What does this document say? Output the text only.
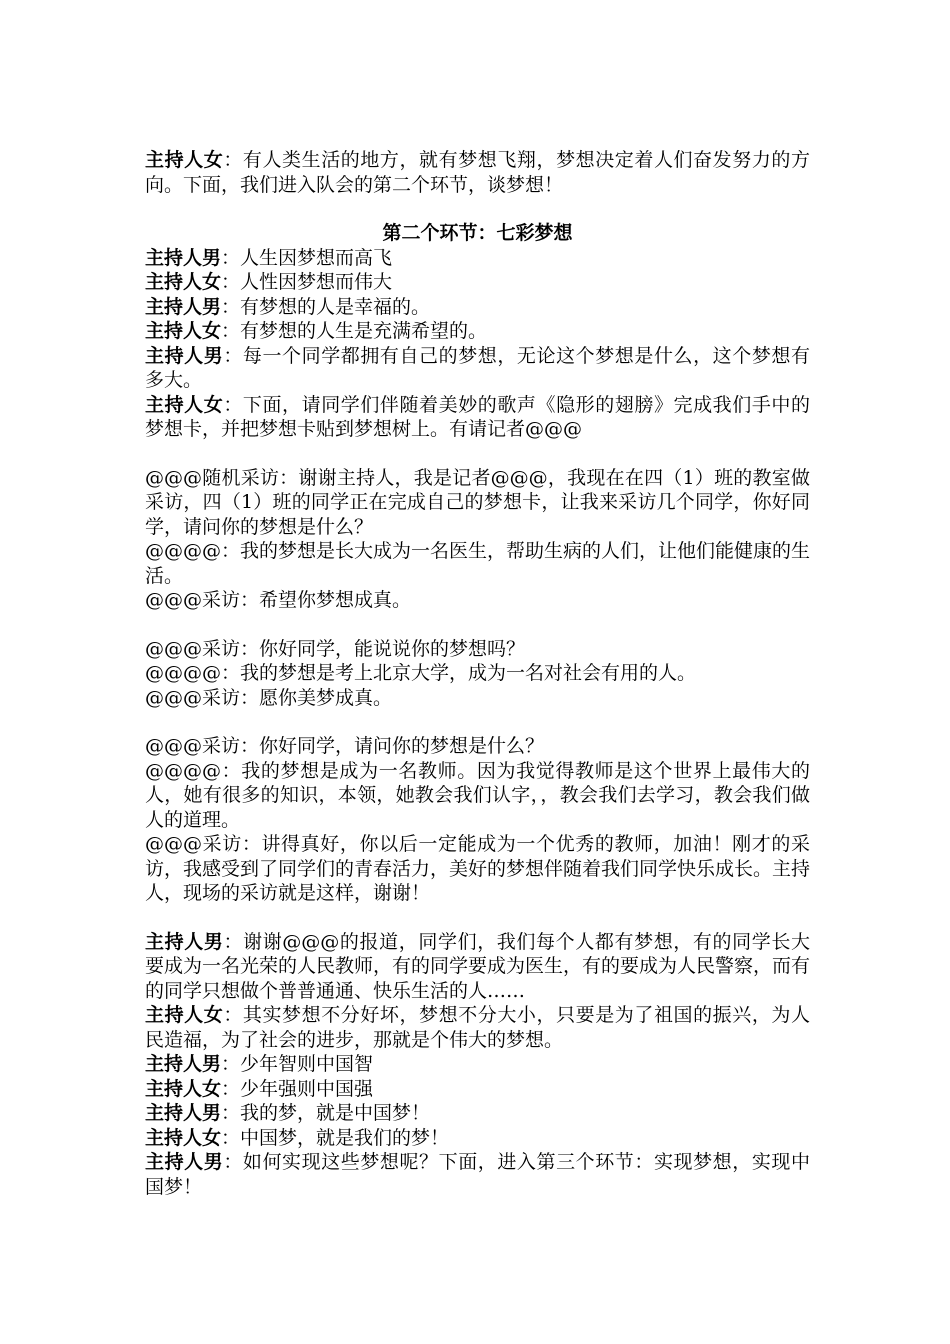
主持人女：有人类生活的地方，就有梦想飞翔，梦想决定着人们奋发努力的方向。下面，我们进入队会的第二个环节，谈梦想！

第二个环节：七彩梦想

主持人男：人生因梦想而高飞

主持人女：人性因梦想而伟大

主持人男：有梦想的人是幸福的。

主持人女：有梦想的人生是充满希望的。

主持人男：每一个同学都拥有自己的梦想，无论这个梦想是什么，这个梦想有多大。

主持人女：下面，请同学们伴随着美妙的歌声《隐形的翅膀》完成我们手中的梦想卡，并把梦想卡贴到梦想树上。有请记者@@@

@@@随机采访：谢谢主持人，我是记者@@@，我现在在四（1）班的教室做采访，四（1）班的同学正在完成自己的梦想卡，让我来采访几个同学，你好同学，请问你的梦想是什么？

@@@@：我的梦想是长大成为一名医生，帮助生病的人们，让他们能健康的生活。

@@@采访：希望你梦想成真。

@@@采访：你好同学，能说说你的梦想吗？

@@@@：我的梦想是考上北京大学，成为一名对社会有用的人。

@@@采访：愿你美梦成真。

@@@采访：你好同学，请问你的梦想是什么？

@@@@：我的梦想是成为一名教师。因为我觉得教师是这个世界上最伟大的人，她有很多的知识，本领，她教会我们认字，，教会我们去学习，教会我们做人的道理。

@@@采访：讲得真好，你以后一定能成为一个优秀的教师，加油！刚才的采访，我感受到了同学们的青春活力，美好的梦想伴随着我们同学快乐成长。主持人，现场的采访就是这样，谢谢！

主持人男：谢谢@@@的报道，同学们，我们每个人都有梦想，有的同学长大要成为一名光荣的人民教师，有的同学要成为医生，有的要成为人民警察，而有的同学只想做个普普通通、快乐生活的人……

主持人女：其实梦想不分好坏，梦想不分大小，只要是为了祖国的振兴，为人民造福，为了社会的进步，那就是个伟大的梦想。

主持人男：少年智则中国智

主持人女：少年强则中国强

主持人男：我的梦，就是中国梦！

主持人女：中国梦，就是我们的梦！

主持人男：如何实现这些梦想呢？下面，进入第三个环节：实现梦想，实现中国梦！
